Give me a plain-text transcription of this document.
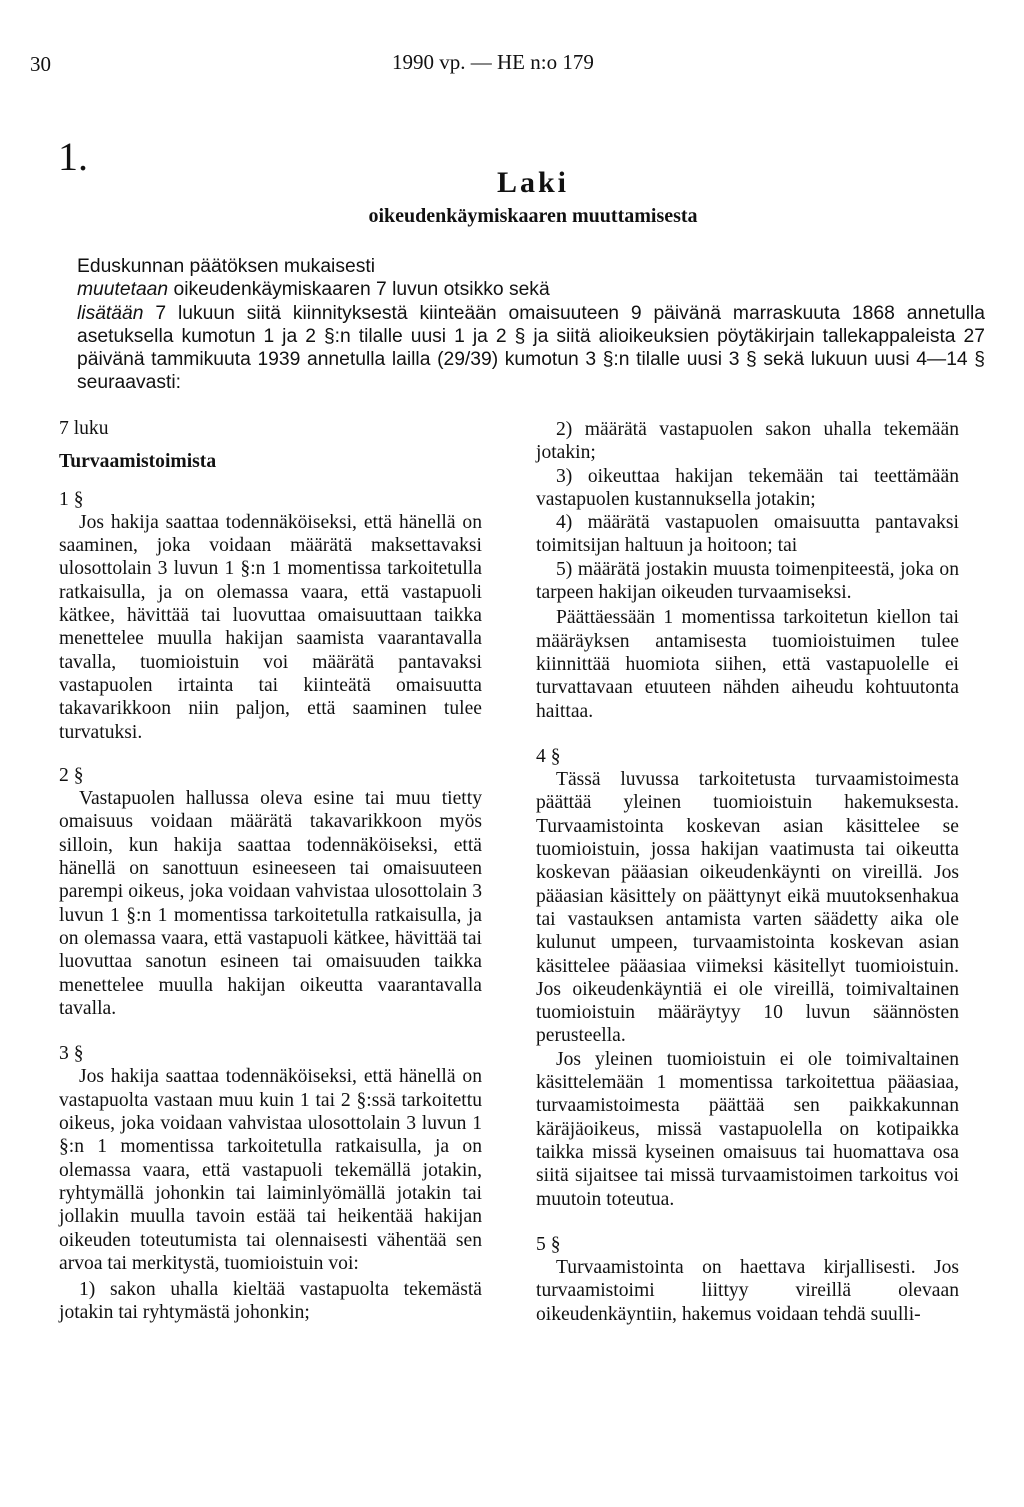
30	1990 vp. — HE n:o 179
1.
Laki
oikeudenkäymiskaaren muuttamisesta

Eduskunnan päätöksen mukaisesti

muutetaan oikeudenkäymiskaaren 7 luvun otsikko sekä

lisätään 7 lukuun siitä kiinnityksestä kiinteään omaisuuteen 9 päivänä marraskuuta 1868 annetulla asetuksella kumotun 1 ja 2 §:n tilalle uusi 1 ja 2 § ja siitä alioikeuksien pöytäkirjain tallekappaleista 27 päivänä tammikuuta 1939 annetulla lailla (29/39) kumotun 3 §:n tilalle uusi 3 § sekä lukuun uusi 4—14 § seuraavasti:

7 luku

Turvaamistoimista

1 §

Jos hakija saattaa todennäköiseksi, että hänellä on saaminen, joka voidaan määrätä maksettavaksi ulosottolain 3 luvun 1 §:n 1 momentissa tarkoitetulla ratkaisulla, ja on olemassa vaara, että vastapuoli kätkee, hävittää tai luovuttaa omaisuuttaan taikka menettelee muulla hakijan saamista vaarantavalla tavalla, tuomioistuin voi määrätä pantavaksi vastapuolen irtainta tai kiinteätä omaisuutta takavarikkoon niin paljon, että saaminen tulee turvatuksi.

2 §

Vastapuolen hallussa oleva esine tai muu tietty omaisuus voidaan määrätä takavarikkoon myös silloin, kun hakija saattaa todennäköiseksi, että hänellä on sanottuun esineeseen tai omaisuuteen parempi oikeus, joka voidaan vahvistaa ulosottolain 3 luvun 1 §:n 1 momentissa tarkoitetulla ratkaisulla, ja on olemassa vaara, että vastapuoli kätkee, hävittää tai luovuttaa sanotun esineen tai omaisuuden taikka menettelee muulla hakijan oikeutta vaarantavalla tavalla.

3 §

Jos hakija saattaa todennäköiseksi, että hänellä on vastapuolta vastaan muu kuin 1 tai 2 §:ssä tarkoitettu oikeus, joka voidaan vahvistaa ulosottolain 3 luvun 1 §:n 1 momentissa tarkoitetulla ratkaisulla, ja on olemassa vaara, että vastapuoli tekemällä jotakin, ryhtymällä johonkin tai laiminlyömällä jotakin tai jollakin muulla tavoin estää tai heikentää hakijan oikeuden toteutumista tai olennaisesti vähentää sen arvoa tai merkitystä, tuomioistuin voi:

1) sakon uhalla kieltää vastapuolta tekemästä jotakin tai ryhtymästä johonkin;

2) määrätä vastapuolen sakon uhalla tekemään jotakin;

3) oikeuttaa hakijan tekemään tai teettämään vastapuolen kustannuksella jotakin;

4) määrätä vastapuolen omaisuutta pantavaksi toimitsijan haltuun ja hoitoon; tai

5) määrätä jostakin muusta toimenpiteestä, joka on tarpeen hakijan oikeuden turvaamiseksi.

Päättäessään 1 momentissa tarkoitetun kiellon tai määräyksen antamisesta tuomioistuimen tulee kiinnittää huomiota siihen, että vastapuolelle ei turvattavaan etuuteen nähden aiheudu kohtuutonta haittaa.

4 §

Tässä luvussa tarkoitetusta turvaamistoimesta päättää yleinen tuomioistuin hakemuksesta. Turvaamistointa koskevan asian käsittelee se tuomioistuin, jossa hakijan vaatimusta tai oikeutta koskevan pääasian oikeudenkäynti on vireillä. Jos pääasian käsittely on päättynyt eikä muutoksenhakua tai vastauksen antamista varten säädetty aika ole kulunut umpeen, turvaamistointa koskevan asian käsittelee pääasiaa viimeksi käsitellyt tuomioistuin. Jos oikeudenkäyntiä ei ole vireillä, toimivaltainen tuomioistuin määräytyy 10 luvun säännösten perusteella.

Jos yleinen tuomioistuin ei ole toimivaltainen käsittelemään 1 momentissa tarkoitettua pääasiaa, turvaamistoimesta päättää sen paikkakunnan käräjäoikeus, missä vastapuolella on kotipaikka taikka missä kyseinen omaisuus tai huomattava osa siitä sijaitsee tai missä turvaamistoimen tarkoitus voi muutoin toteutua.

5 §

Turvaamistointa on haettava kirjallisesti. Jos turvaamistoimi liittyy vireillä olevaan oikeudenkäyntiin, hakemus voidaan tehdä suulli-
